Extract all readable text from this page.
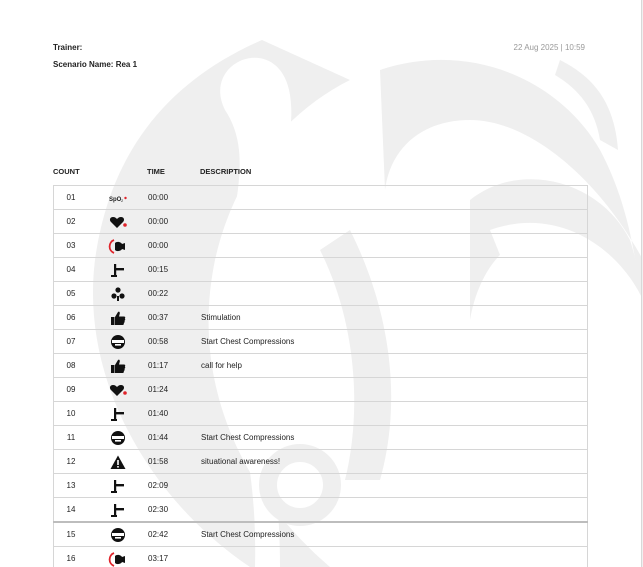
Trainer:
Scenario Name: Rea 1
22 Aug 2025 | 10:59
COUNT	TIME	DESCRIPTION
01		00:00	
02		00:00	
03		00:00	
04		00:15	
05		00:22	
06		00:37	Stimulation
07		00:58	Start Chest Compressions
08		01:17	call for help
09		01:24	
10		01:40	
11		01:44	Start Chest Compressions
12		01:58	situational awareness!
13		02:09	
14		02:30	
15		02:42	Start Chest Compressions
16		03:17	
